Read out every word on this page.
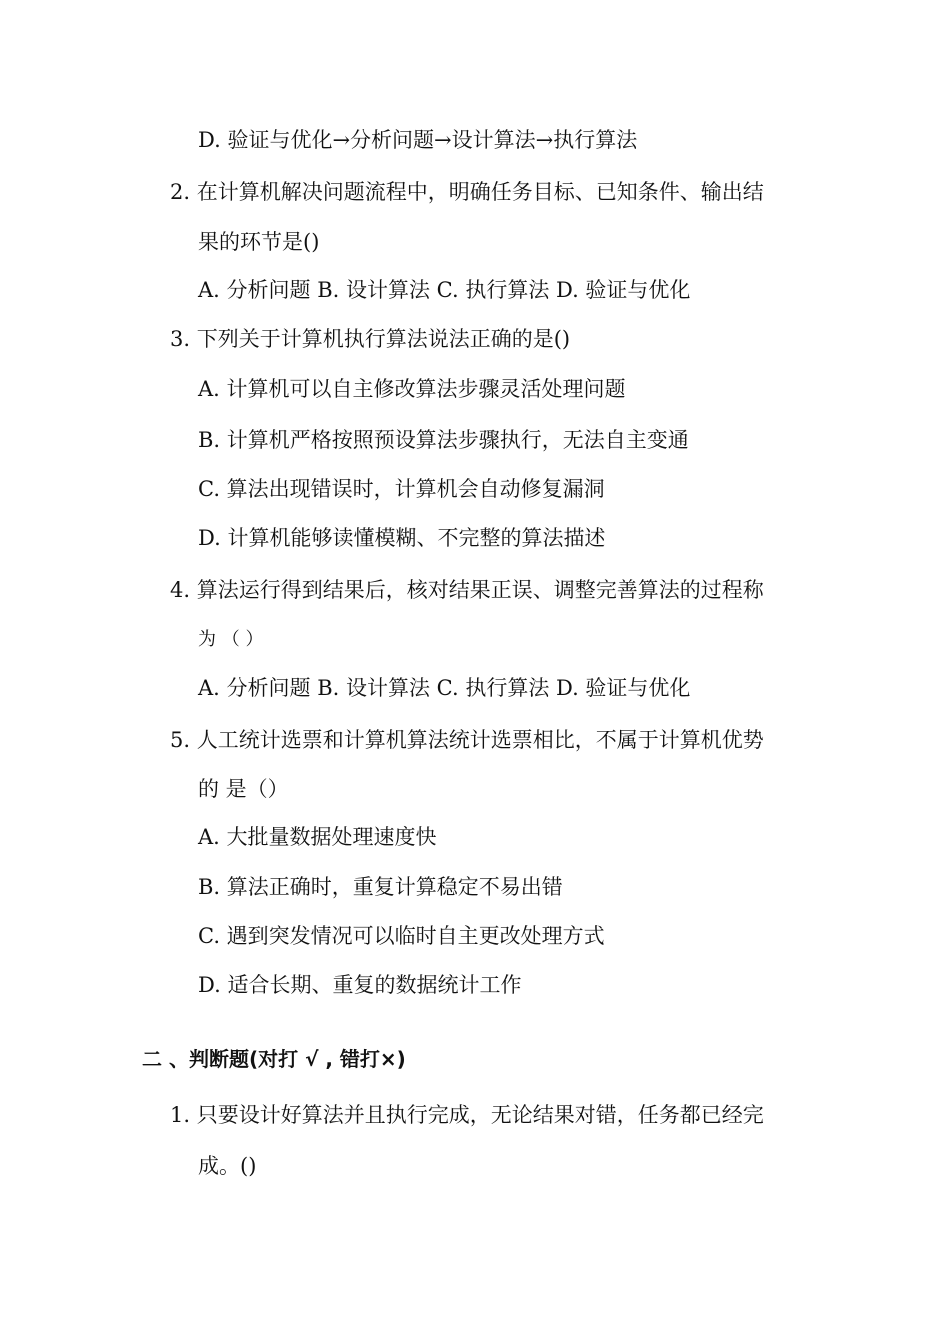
D. 验证与优化→分析问题→设计算法→执行算法
2. 在计算机解决问题流程中，明确任务目标、已知条件、输出结
果的环节是()
A. 分析问题 B. 设计算法 C. 执行算法 D. 验证与优化
3. 下列关于计算机执行算法说法正确的是()
A. 计算机可以自主修改算法步骤灵活处理问题
B. 计算机严格按照预设算法步骤执行，无法自主变通
C. 算法出现错误时，计算机会自动修复漏洞
D. 计算机能够读懂模糊、不完整的算法描述
4. 算法运行得到结果后，核对结果正误、调整完善算法的过程称
为 （ ）
A. 分析问题 B. 设计算法 C. 执行算法 D. 验证与优化
5. 人工统计选票和计算机算法统计选票相比，不属于计算机优势
的 是（）
A. 大批量数据处理速度快
B. 算法正确时，重复计算稳定不易出错
C. 遇到突发情况可以临时自主更改处理方式
D. 适合长期、重复的数据统计工作
二 、判断题(对打 √ , 错打×)
1. 只要设计好算法并且执行完成，无论结果对错，任务都已经完
成。()
